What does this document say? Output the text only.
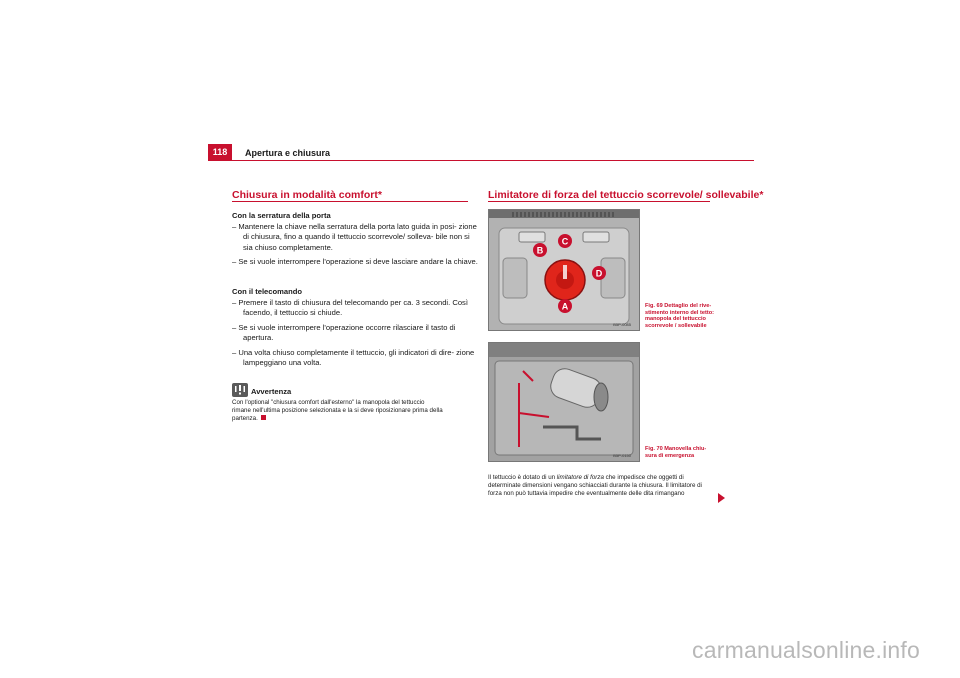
118	Apertura e chiusura
Chiusura in modalità comfort*
Con la serratura della porta
– Mantenere la chiave nella serratura della porta lato guida in posi- zione di chiusura, fino a quando il tettuccio scorrevole/ solleva- bile non si sia chiuso completamente.
– Se si vuole interrompere l'operazione si deve lasciare andare la chiave.
Con il telecomando
– Premere il tasto di chiusura del telecomando per ca. 3 secondi. Così facendo, il tettuccio si chiude.
– Se si vuole interrompere l'operazione occorre rilasciare il tasto di apertura.
– Una volta chiuso completamente il tettuccio, gli indicatori di dire- zione lampeggiano una volta.
Avvertenza
Con l'optional "chiusura comfort dall'esterno" la manopola del tettuccio rimane nell'ultima posizione selezionata e la si deve riposizionare prima della partenza.
Limitatore di forza del tettuccio scorrevole/ sollevabile*
B
C
D
A
B5P-0085
Fig. 69 Dettaglio del rive- stimento interno del tetto: manopola del tettuccio scorrevole / sollevabile
B5P-0150
Fig. 70 Manovella chiu- sura di emergenza
Il tettuccio è dotato di un limitatore di forza che impedisce che oggetti di determinate dimensioni vengano schiacciati durante la chiusura. Il limitatore di forza non può tuttavia impedire che eventualmente delle dita rimangano
carmanualsonline.info
